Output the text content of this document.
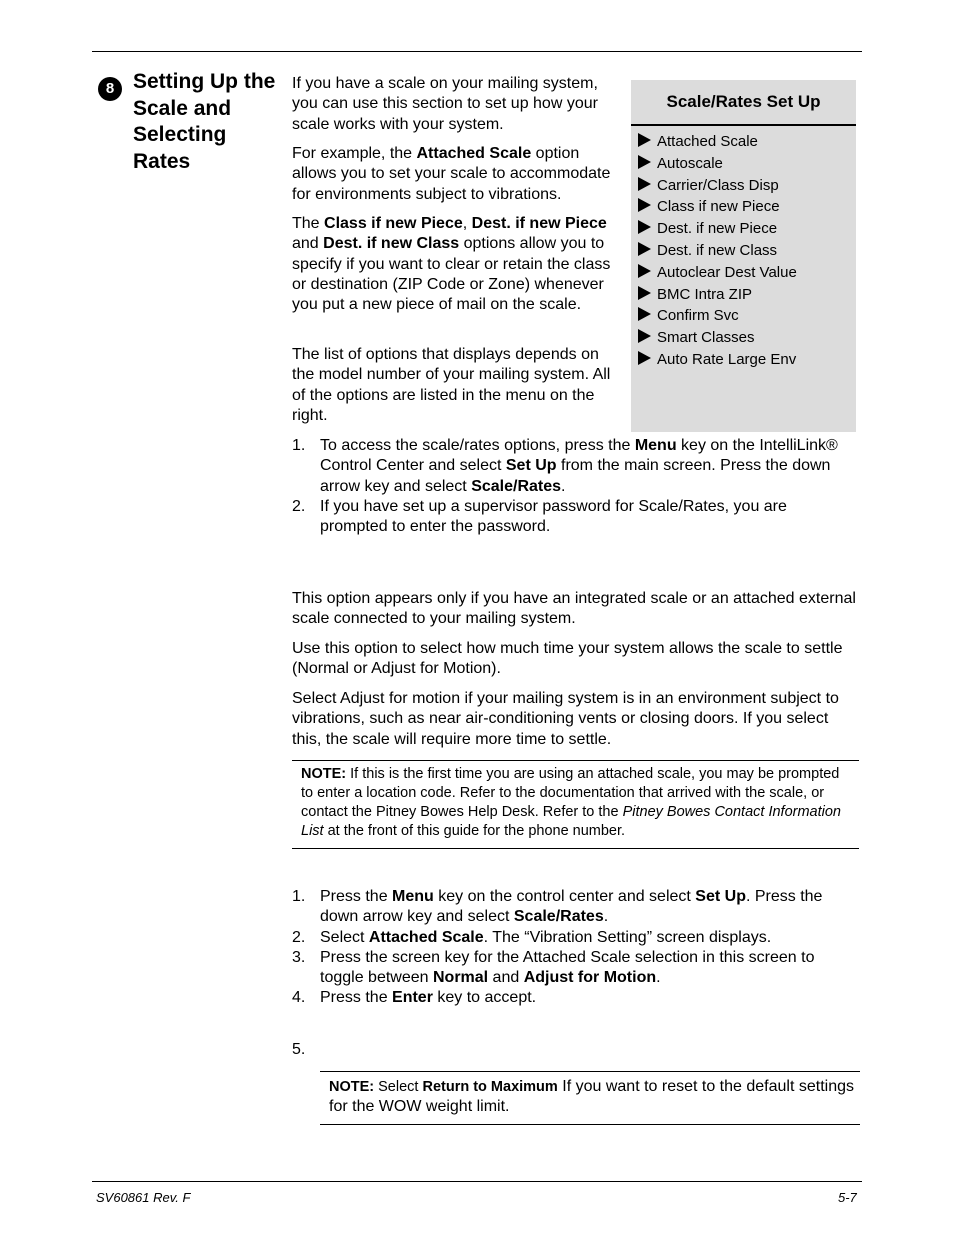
8 Setting Up the Scale and Selecting Rates

If you have a scale on your mailing system, you can use this section to set up how your scale works with your system.

For example, the Attached Scale option allows you to set your scale to accommodate for environments subject to vibrations.

The Class if new Piece, Dest. if new Piece and Dest. if new Class options allow you to specify if you want to clear or retain the class or destination (ZIP Code or Zone) whenever you put a new piece of mail on the scale.

The list of options that displays depends on the model number of your mailing system. All of the options are listed in the menu on the right.

Scale/Rates Set Up
Attached Scale
Autoscale
Carrier/Class Disp
Class if new Piece
Dest. if new Piece
Dest. if new Class
Autoclear Dest Value
BMC Intra ZIP
Confirm Svc
Smart Classes
Auto Rate Large Env
1. To access the scale/rates options, press the Menu key on the IntelliLink® Control Center and select Set Up from the main screen. Press the down arrow key and select Scale/Rates.
2. If you have set up a supervisor password for Scale/Rates, you are prompted to enter the password.

This option appears only if you have an integrated scale or an attached external scale connected to your mailing system.

Use this option to select how much time your system allows the scale to settle (Normal or Adjust for Motion).

Select Adjust for motion if your mailing system is in an environment subject to vibrations, such as near air-conditioning vents or closing doors. If you select this, the scale will require more time to settle.

NOTE: If this is the first time you are using an attached scale, you may be prompted to enter a location code. Refer to the documentation that arrived with the scale, or contact the Pitney Bowes Help Desk. Refer to the Pitney Bowes Contact Information List at the front of this guide for the phone number.

1. Press the Menu key on the control center and select Set Up. Press the down arrow key and select Scale/Rates.
2. Select Attached Scale. The “Vibration Setting” screen displays.
3. Press the screen key for the Attached Scale selection in this screen to toggle between Normal and Adjust for Motion.
4. Press the Enter key to accept.

5.

NOTE: Select Return to Maximum If you want to reset to the default settings for the WOW weight limit.

SV60861 Rev. F	5-7
